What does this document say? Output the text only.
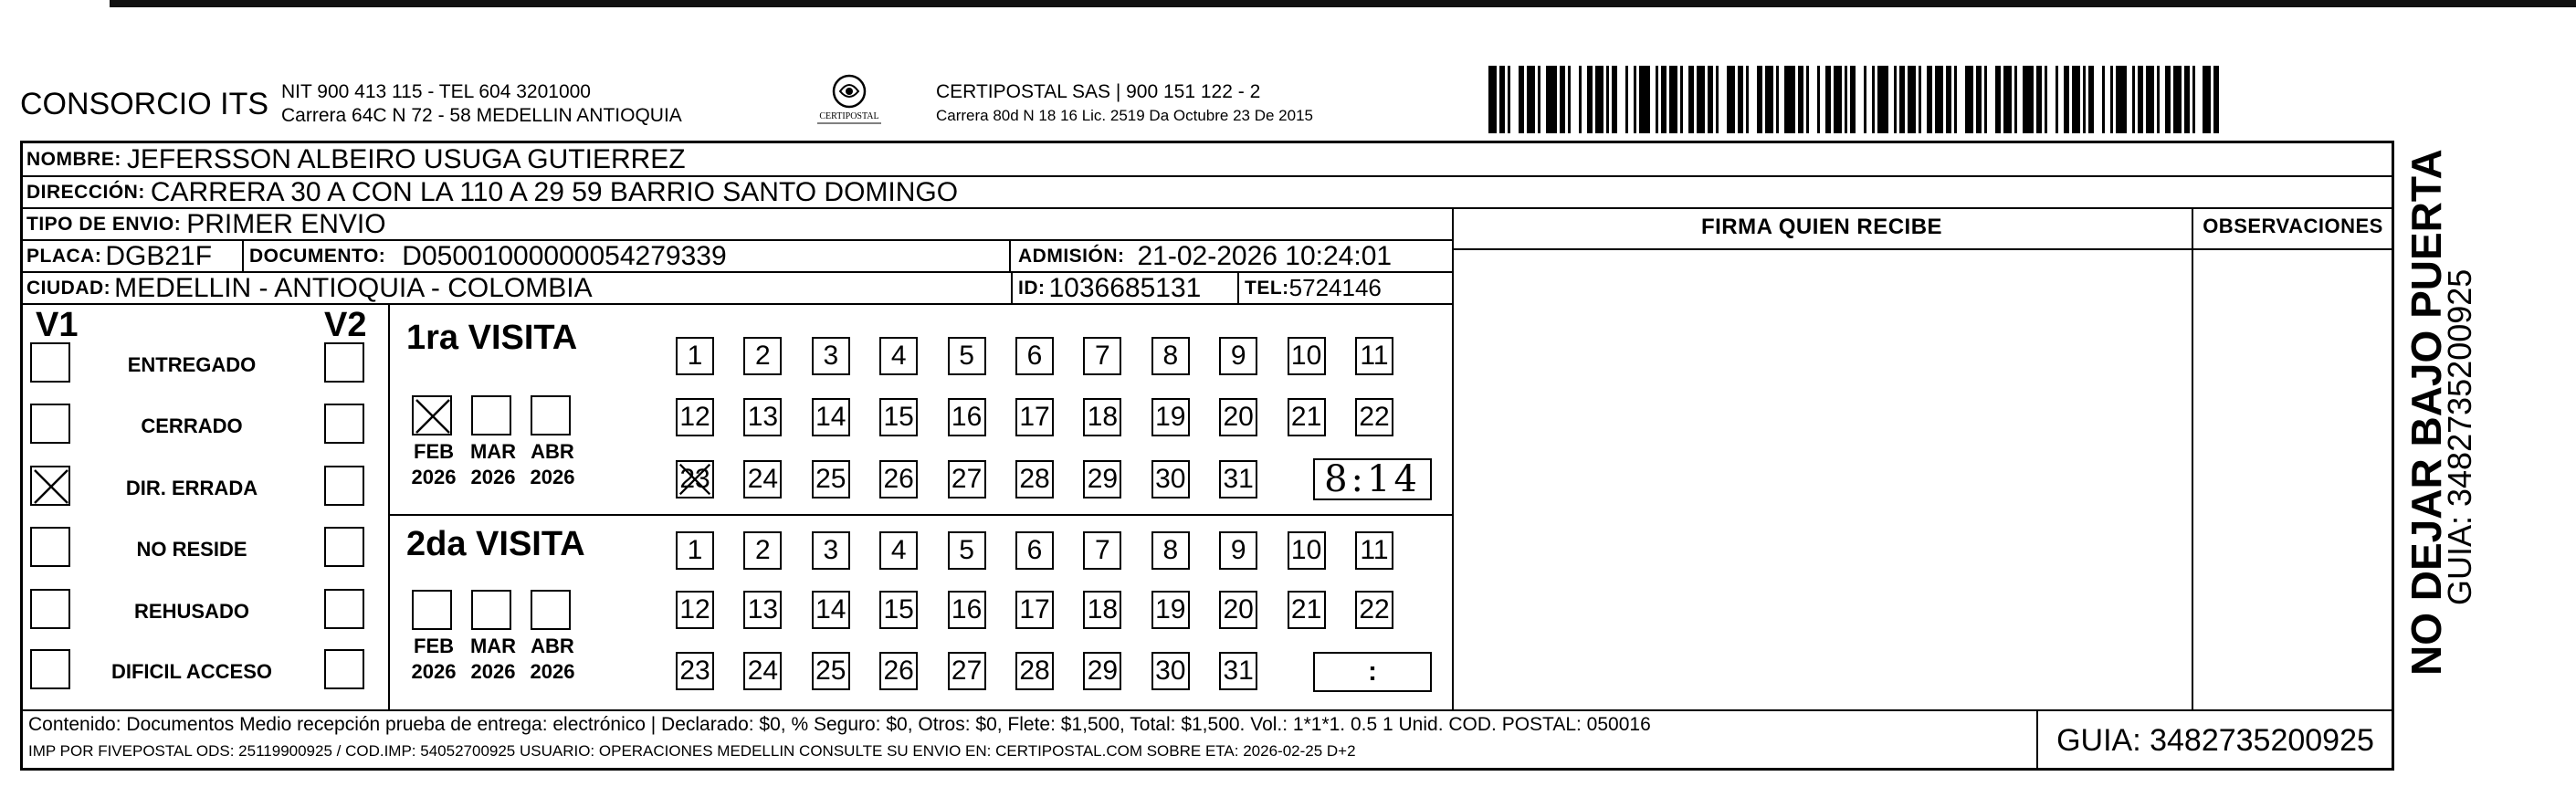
CONSORCIO ITS NIT 900 413 115 - TEL 604 3201000
Carrera 64C N 72 - 58 MEDELLIN ANTIOQUIA	CERTIPOSTAL
CERTIPOSTAL SAS | 900 151 122 - 2
Carrera 80d N 18 16 Lic. 2519 Da Octubre 23 De 2015
NOMBRE: JEFERSSON ALBEIRO USUGA GUTIERREZ
DIRECCIÓN: CARRERA 30 A CON LA 110 A 29 59 BARRIO SANTO DOMINGO
TIPO DE ENVIO: PRIMER ENVIO	FIRMA QUIEN RECIBE	OBSERVACIONES
PLACA: DGB21F DOCUMENTO: D05001000000054279339	ADMISIÓN: 21-02-2026 10:24:01
CIUDAD: MEDELLIN - ANTIOQUIA - COLOMBIA	ID: 1036685131 TEL: 5724146
V1	V2 1ra VISITA
8:14
2da VISITA
:
Contenido: Documentos Medio recepción prueba de entrega: electrónico | Declarado: $0, % Seguro: $0, Otros: $0, Flete: $1,500, Total: $1,500. Vol.: 1*1*1. 0.5 1 Unid. COD. POSTAL: 050016
IMP POR FIVEPOSTAL ODS: 25119900925 / COD.IMP: 54052700925 USUARIO: OPERACIONES MEDELLIN CONSULTE SU ENVIO EN: CERTIPOSTAL.COM SOBRE ETA: 2026-02-25 D+2	GUIA: 3482735200925
ENTREGADO
CERRADO
DIR. ERRADA
NO RESIDE
REHUSADO
DIFICIL ACCESO
FEB
2026
MAR
2026
ABR
2026
FEB
2026
MAR
2026
ABR
2026
1	2	3	4	5	6	7	8	9	10 11
12 13 14 15 16 17 18 19 20 21 22
23 24 25 26 27 28 29 30 31
1	2	3	4	5	6	7	8	9	10 11
12 13 14 15 16 17 18 19 20 21 22
23 24 25 26 27 28 29 30 31	NO DEJAR BAJO PUERTA
GUIA: 3482735200925
